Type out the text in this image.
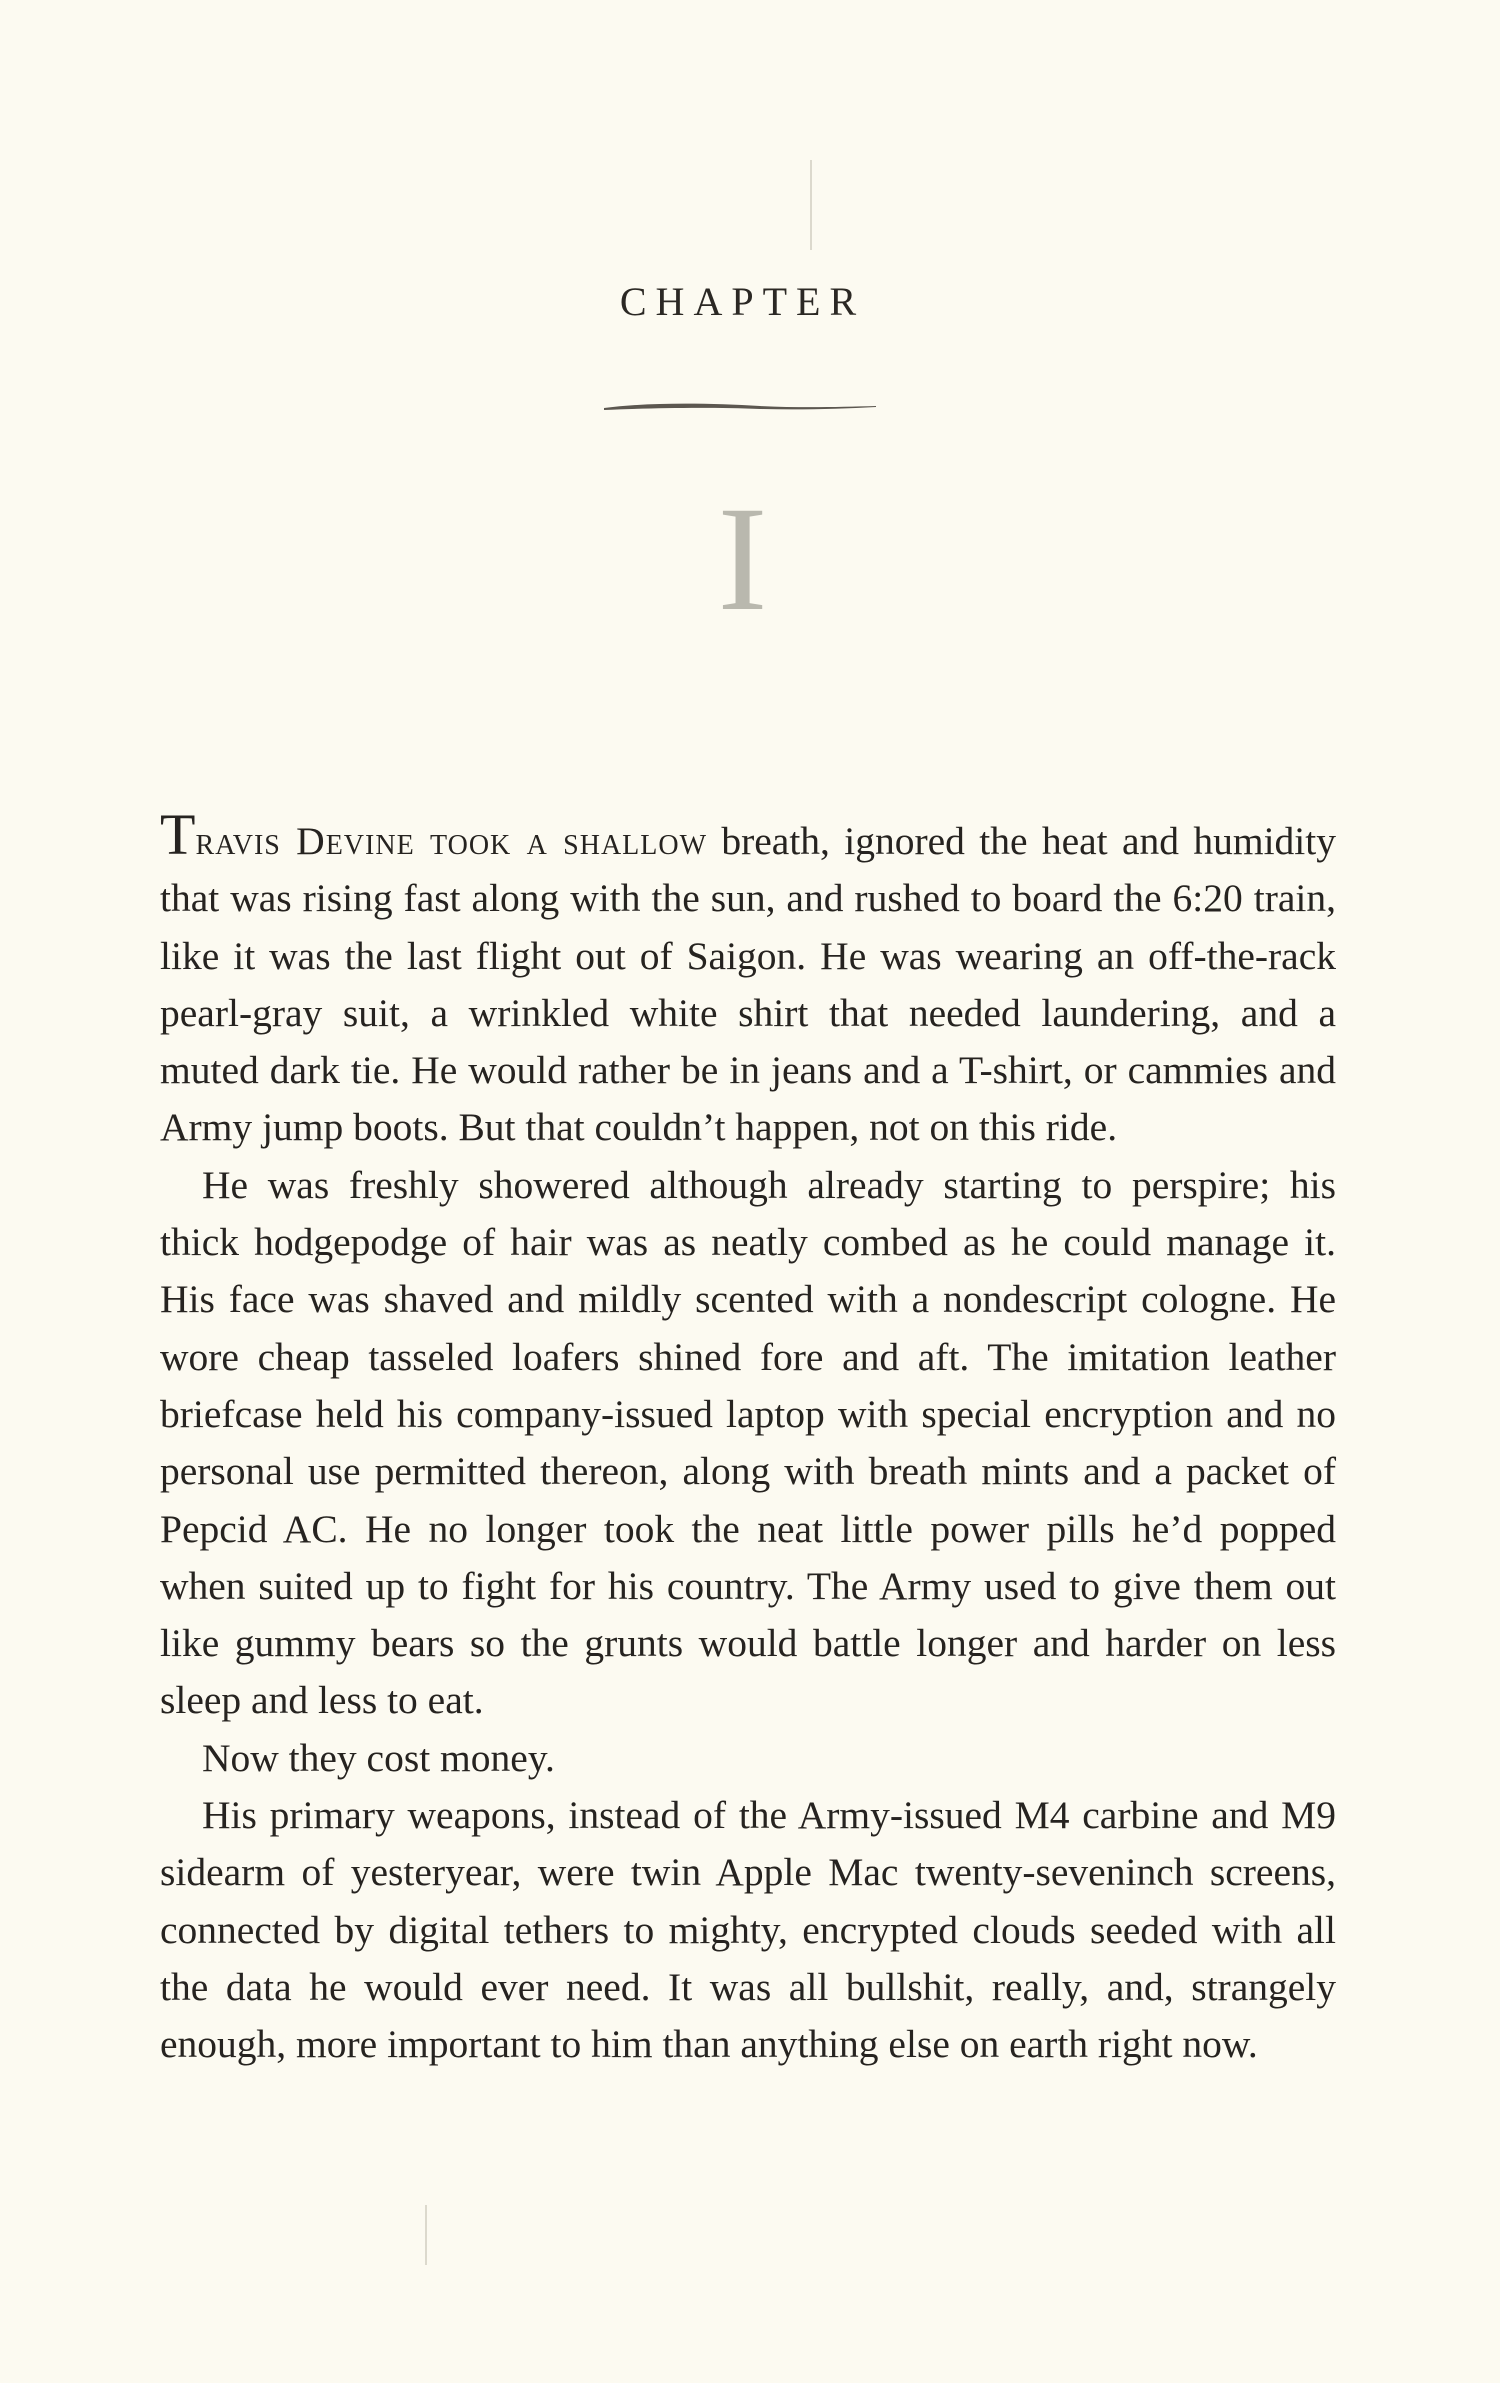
CHAPTER
I

Travis Devine took a shallow breath, ignored the heat and humidity that was rising fast along with the sun, and rushed to board the 6:20 train, like it was the last flight out of Saigon. He was wearing an off-the-rack pearl-gray suit, a wrinkled white shirt that needed laundering, and a muted dark tie. He would rather be in jeans and a T-shirt, or cammies and Army jump boots. But that couldn’t happen, not on this ride.

He was freshly showered although already starting to perspire; his thick hodgepodge of hair was as neatly combed as he could manage it. His face was shaved and mildly scented with a nondescript cologne. He wore cheap tasseled loafers shined fore and aft. The imitation leather briefcase held his company-issued laptop with special encryption and no personal use permitted thereon, along with breath mints and a packet of Pepcid AC. He no longer took the neat little power pills he’d popped when suited up to fight for his country. The Army used to give them out like gummy bears so the grunts would battle longer and harder on less sleep and less to eat.

Now they cost money.

His primary weapons, instead of the Army-issued M4 carbine and M9 sidearm of yesteryear, were twin Apple Mac twenty-seveninch screens, connected by digital tethers to mighty, encrypted clouds seeded with all the data he would ever need. It was all bullshit, really, and, strangely enough, more important to him than anything else on earth right now.
